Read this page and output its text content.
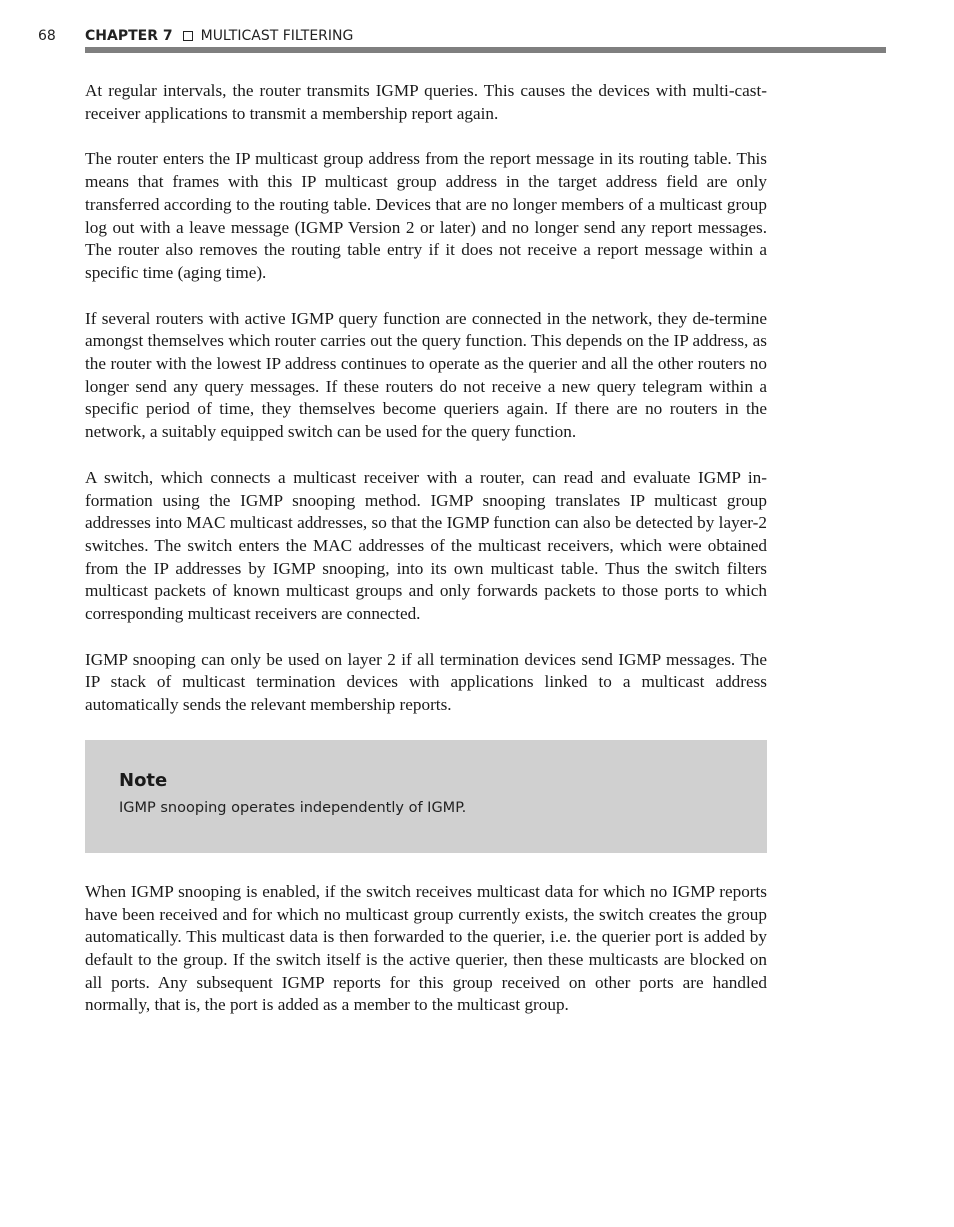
68 CHAPTER 7 MULTICAST FILTERING

At regular intervals, the router transmits IGMP queries. This causes the devices with multi-cast-receiver applications to transmit a membership report again.

The router enters the IP multicast group address from the report message in its routing table. This means that frames with this IP multicast group address in the target address field are only transferred according to the routing table. Devices that are no longer members of a multicast group log out with a leave message (IGMP Version 2 or later) and no longer send any report messages. The router also removes the routing table entry if it does not receive a report message within a specific time (aging time).

If several routers with active IGMP query function are connected in the network, they de-termine amongst themselves which router carries out the query function. This depends on the IP address, as the router with the lowest IP address continues to operate as the querier and all the other routers no longer send any query messages. If these routers do not receive a new query telegram within a specific period of time, they themselves become queriers again. If there are no routers in the network, a suitably equipped switch can be used for the query function.

A switch, which connects a multicast receiver with a router, can read and evaluate IGMP in-formation using the IGMP snooping method. IGMP snooping translates IP multicast group addresses into MAC multicast addresses, so that the IGMP function can also be detected by layer-2 switches. The switch enters the MAC addresses of the multicast receivers, which were obtained from the IP addresses by IGMP snooping, into its own multicast table. Thus the switch filters multicast packets of known multicast groups and only forwards packets to those ports to which corresponding multicast receivers are connected.

IGMP snooping can only be used on layer 2 if all termination devices send IGMP messages. The IP stack of multicast termination devices with applications linked to a multicast address automatically sends the relevant membership reports.

Note
IGMP snooping operates independently of IGMP.

When IGMP snooping is enabled, if the switch receives multicast data for which no IGMP reports have been received and for which no multicast group currently exists, the switch creates the group automatically. This multicast data is then forwarded to the querier, i.e. the querier port is added by default to the group. If the switch itself is the active querier, then these multicasts are blocked on all ports. Any subsequent IGMP reports for this group received on other ports are handled normally, that is, the port is added as a member to the multicast group.
